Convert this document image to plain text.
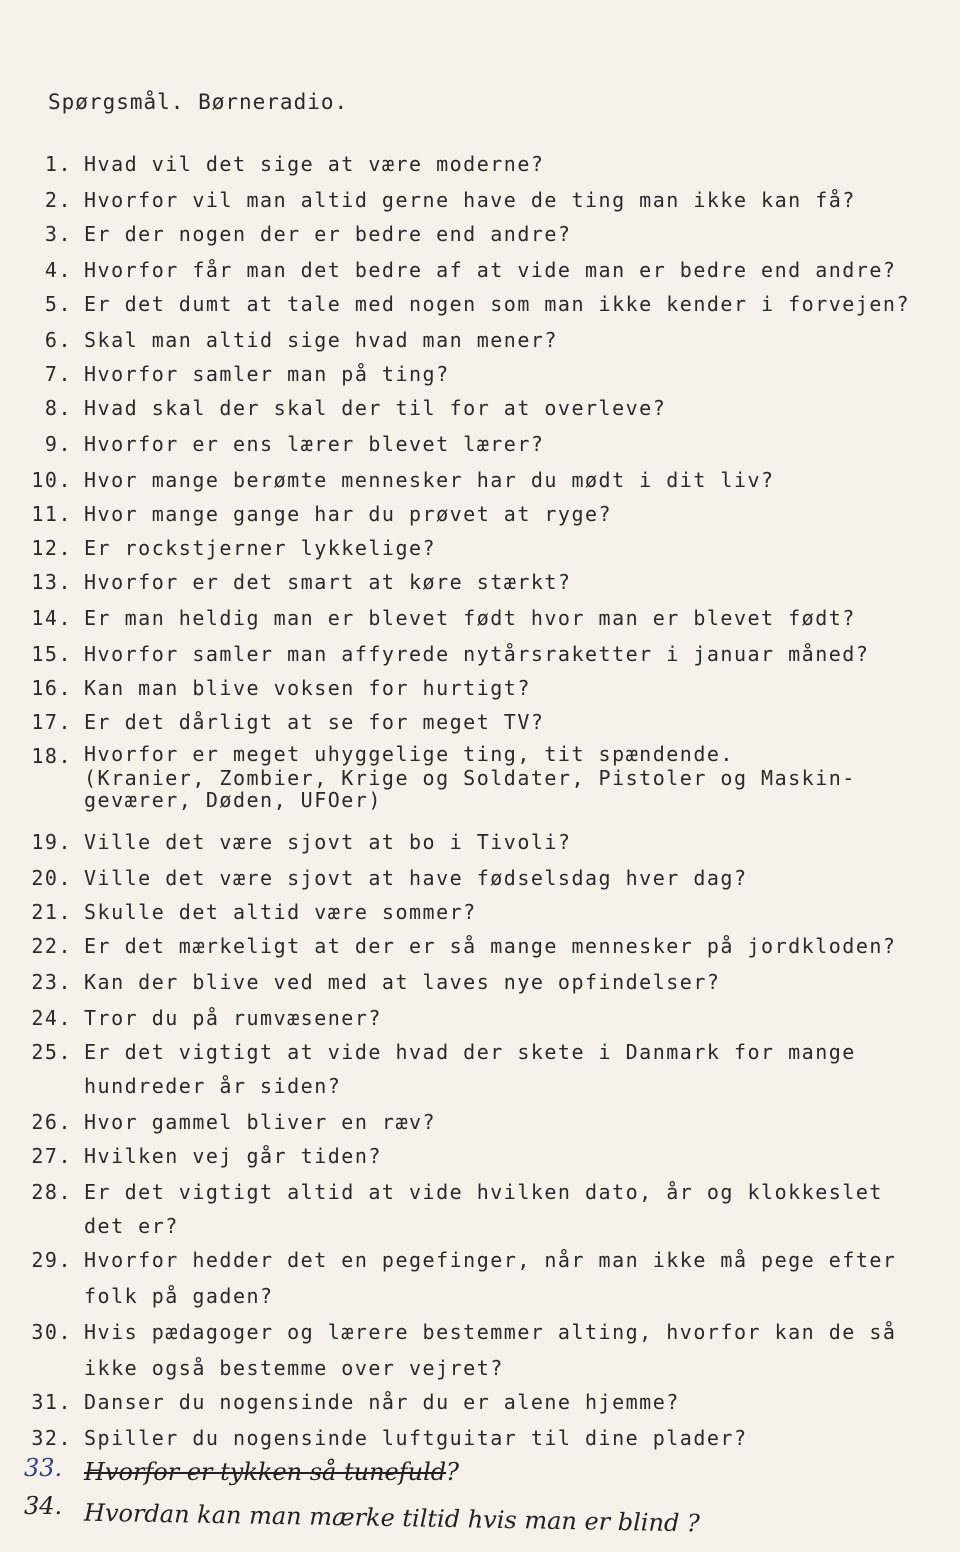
Spørgsmål. Børneradio.
1. Hvad vil det sige at være moderne?
2. Hvorfor vil man altid gerne have de ting man ikke kan få?
3. Er der nogen der er bedre end andre?
4. Hvorfor får man det bedre af at vide man er bedre end andre?
5. Er det dumt at tale med nogen som man ikke kender i forvejen?
6. Skal man altid sige hvad man mener?
7. Hvorfor samler man på ting?
8. Hvad skal der skal der til for at overleve?
9. Hvorfor er ens lærer blevet lærer?
10. Hvor mange berømte mennesker har du mødt i dit liv?
11. Hvor mange gange har du prøvet at ryge?
12. Er rockstjerner lykkelige?
13. Hvorfor er det smart at køre stærkt?
14. Er man heldig man er blevet født hvor man er blevet født?
15. Hvorfor samler man affyrede nytårsraketter i januar måned?
16. Kan man blive voksen for hurtigt?
17. Er det dårligt at se for meget TV?
18. Hvorfor er meget uhyggelige ting, tit spændende.
(Kranier, Zombier, Krige og Soldater, Pistoler og Maskin-
geværer, Døden, UFOer)
19. Ville det være sjovt at bo i Tivoli?
20. Ville det være sjovt at have fødselsdag hver dag?
21. Skulle det altid være sommer?
22. Er det mærkeligt at der er så mange mennesker på jordkloden?
23. Kan der blive ved med at laves nye opfindelser?
24. Tror du på rumvæsener?
25. Er det vigtigt at vide hvad der skete i Danmark for mange
hundreder år siden?
26. Hvor gammel bliver en ræv?
27. Hvilken vej går tiden?
28. Er det vigtigt altid at vide hvilken dato, år og klokkeslet
det er?
29. Hvorfor hedder det en pegefinger, når man ikke må pege efter
folk på gaden?
30. Hvis pædagoger og lærere bestemmer alting, hvorfor kan de så
ikke også bestemme over vejret?
31. Danser du nogensinde når du er alene hjemme?
32. Spiller du nogensinde luftguitar til dine plader?
33. Hvorfor er tykken så tunefuld?
34. Hvordan kan man mærke tiltid hvis man er blind ?
